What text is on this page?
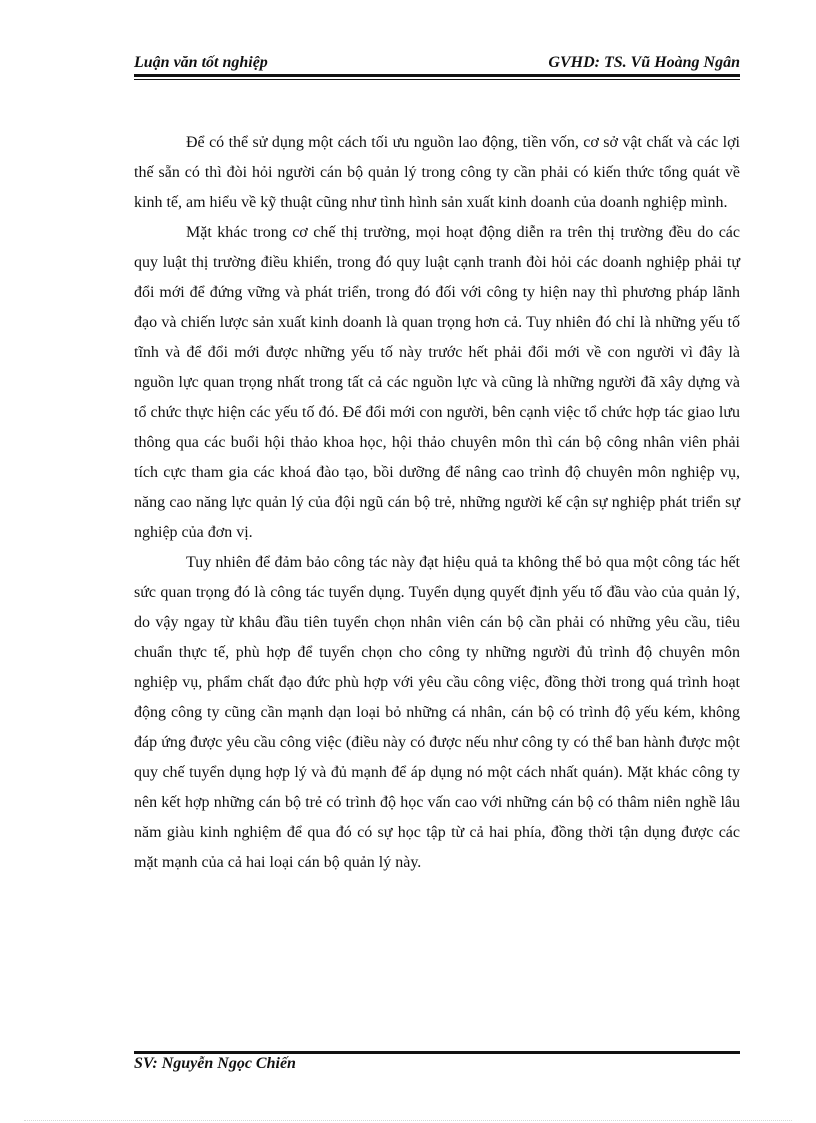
Luận văn tốt nghiệp	GVHD: TS. Vũ Hoàng Ngân

Để có thể sử dụng một cách tối ưu nguồn lao động, tiền vốn, cơ sở vật chất và các lợi thế sẵn có thì đòi hỏi người cán bộ quản lý trong công ty cần phải có kiến thức tổng quát về kinh tế, am hiểu về kỹ thuật cũng như tình hình sản xuất kinh doanh của doanh nghiệp mình.

Mặt khác trong cơ chế thị trường, mọi hoạt động diễn ra trên thị trường đều do các quy luật thị trường điều khiển, trong đó quy luật cạnh tranh đòi hỏi các doanh nghiệp phải tự đổi mới để đứng vững và phát triển, trong đó đối với công ty hiện nay thì phương pháp lãnh đạo và chiến lược sản xuất kinh doanh là quan trọng hơn cả. Tuy nhiên đó chỉ là những yếu tố tĩnh và để đổi mới được những yếu tố này trước hết phải đổi mới về con người vì đây là nguồn lực quan trọng nhất trong tất cả các nguồn lực và cũng là những người đã xây dựng và tổ chức thực hiện các yếu tố đó. Để đổi mới con người, bên cạnh việc tổ chức hợp tác giao lưu thông qua các buổi hội thảo khoa học, hội thảo chuyên môn thì cán bộ công nhân viên phải tích cực tham gia các khoá đào tạo, bồi dưỡng để nâng cao trình độ chuyên môn nghiệp vụ, năng cao năng lực quản lý của đội ngũ cán bộ trẻ, những người kế cận sự nghiệp phát triển sự nghiệp của đơn vị.

Tuy nhiên để đảm bảo công tác này đạt hiệu quả ta không thể bỏ qua một công tác hết sức quan trọng đó là công tác tuyển dụng. Tuyển dụng quyết định yếu tố đầu vào của quản lý, do vậy ngay từ khâu đầu tiên tuyển chọn nhân viên cán bộ cần phải có những yêu cầu, tiêu chuẩn thực tế, phù hợp để tuyển chọn cho công ty những người đủ trình độ chuyên môn nghiệp vụ, phẩm chất đạo đức phù hợp với yêu cầu công việc, đồng thời trong quá trình hoạt động công ty cũng cần mạnh dạn loại bỏ những cá nhân, cán bộ có trình độ yếu kém, không đáp ứng được yêu cầu công việc (điều này có được nếu như công ty có thể ban hành được một quy chế tuyển dụng hợp lý và đủ mạnh để áp dụng nó một cách nhất quán). Mặt khác công ty nên kết hợp những cán bộ trẻ có trình độ học vấn cao với những cán bộ có thâm niên nghề lâu năm giàu kinh nghiệm để qua đó có sự học tập từ cả hai phía, đồng thời tận dụng được các mặt mạnh của cả hai loại cán bộ quản lý này.

SV: Nguyễn Ngọc Chiến
